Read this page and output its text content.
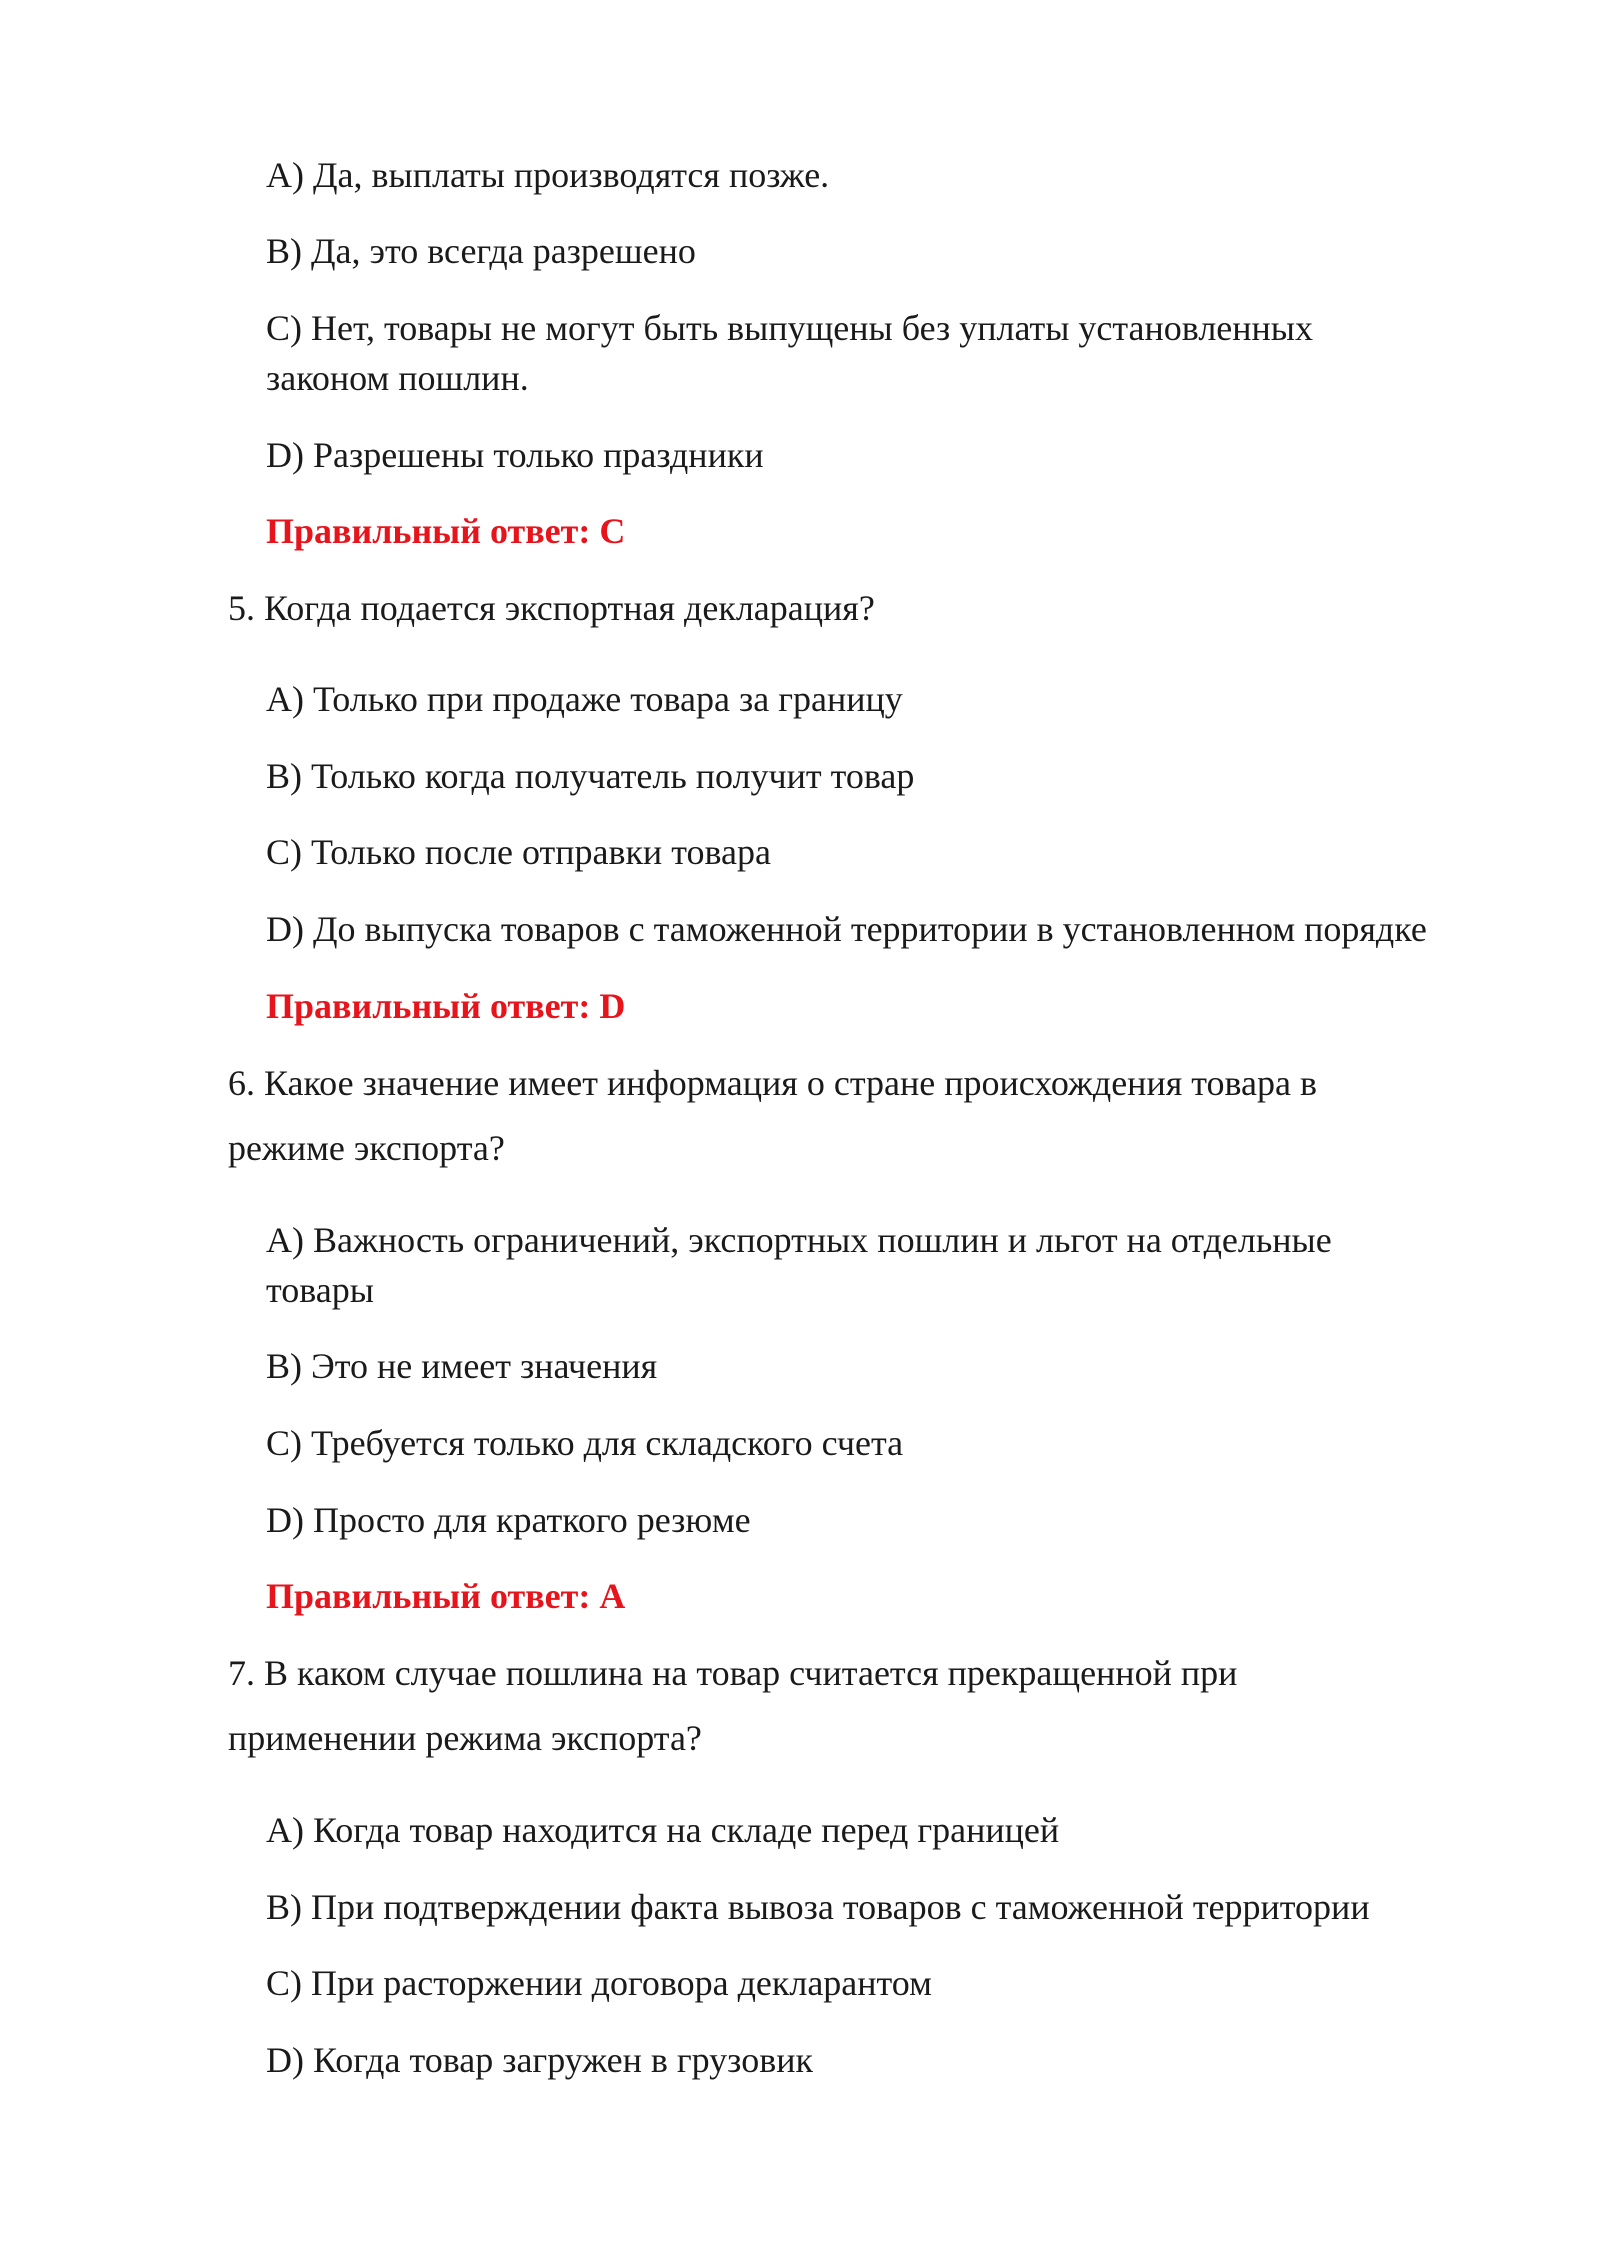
A) Да, выплаты производятся позже.
B) Да, это всегда разрешено
C) Нет, товары не могут быть выпущены без уплаты установленных
законом пошлин.
D) Разрешены только праздники
Правильный ответ: C
5. Когда подается экспортная декларация?
A) Только при продаже товара за границу
B) Только когда получатель получит товар
C) Только после отправки товара
D) До выпуска товаров с таможенной территории в установленном порядке
Правильный ответ: D
6. Какое значение имеет информация о стране происхождения товара в
режиме экспорта?
A) Важность ограничений, экспортных пошлин и льгот на отдельные
товары
B) Это не имеет значения
C) Требуется только для складского счета
D) Просто для краткого резюме
Правильный ответ: A
7. В каком случае пошлина на товар считается прекращенной при
применении режима экспорта?
A) Когда товар находится на складе перед границей
B) При подтверждении факта вывоза товаров с таможенной территории
C) При расторжении договора декларантом
D) Когда товар загружен в грузовик
